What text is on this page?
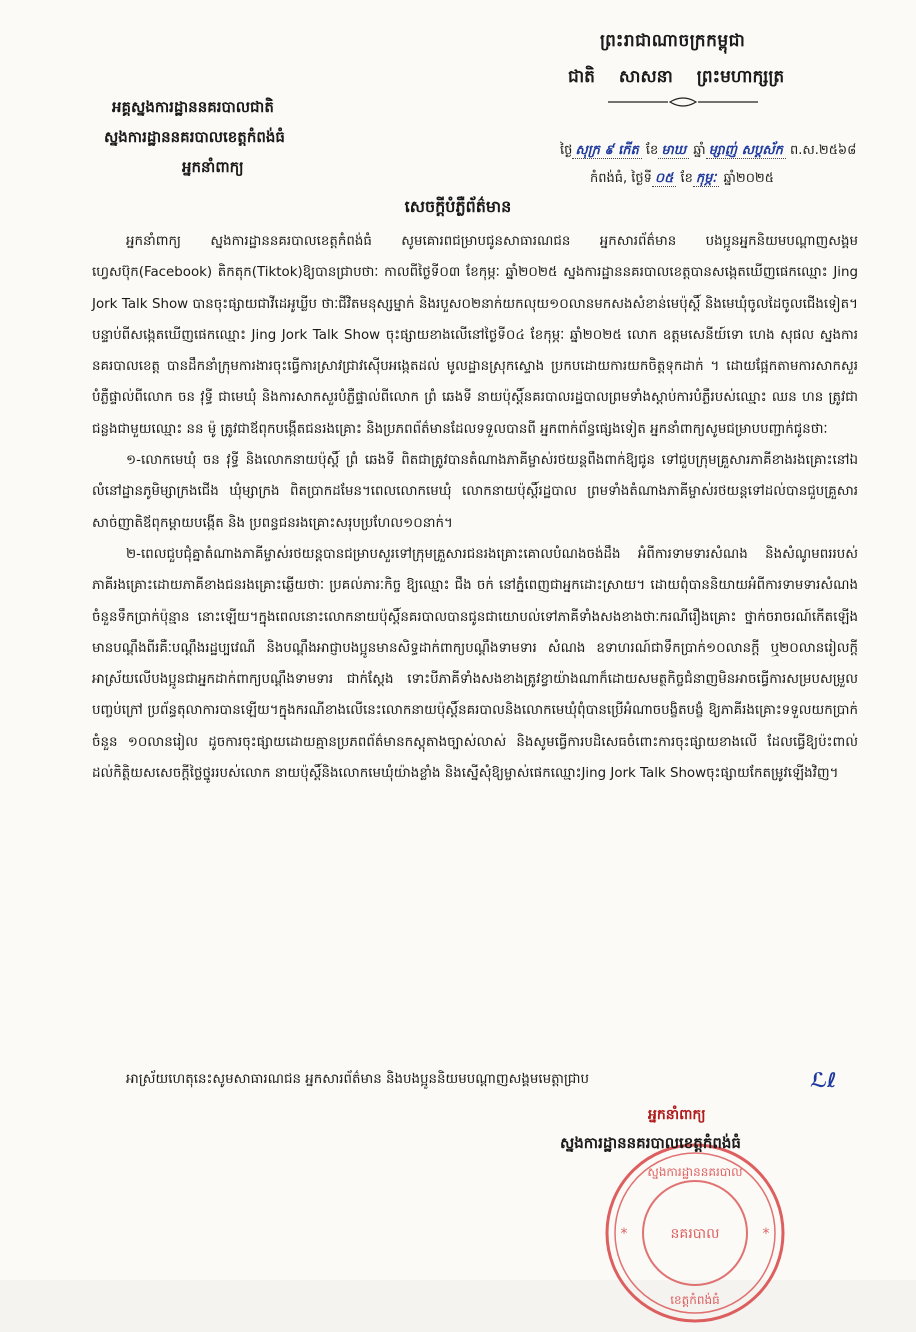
ព្រះរាជាណាចក្រកម្ពុជា
ជាតិ សាសនា ព្រះមហាក្សត្រ
អគ្គស្នងការដ្ឋាននគរបាលជាតិ
ស្នងការដ្ឋាននគរបាលខេត្តកំពង់ធំ
អ្នកនាំពាក្យ
ថ្ងៃ សុក្រ ៩ កើត ខែ មាឃ ឆ្នាំ ម្សាញ់ សប្តស័ក ព.ស.២៥៦៨
កំពង់ធំ, ថ្ងៃទី ០៥ ខែ កុម្ភៈ ឆ្នាំ២០២៥
សេចក្តីបំភ្លឺព័ត៌មាន

អ្នកនាំពាក្យ ស្នងការដ្ឋាននគរបាលខេត្តកំពង់ធំ សូមគោរពជម្រាបជូនសាធារណជន អ្នកសារព័ត៌មាន បងប្អូនអ្នកនិយមបណ្តាញសង្គមហ្វេសប៊ុក(Facebook) តិកតុក(Tiktok)ឱ្យបានជ្រាបថាៈ កាលពីថ្ងៃទី០៣ ខែកុម្ភៈ ឆ្នាំ២០២៥ ស្នងការដ្ឋាននគរបាលខេត្តបានសង្កេតឃើញផេកឈ្មោះ Jing Jork Talk Show បានចុះផ្សាយជាវីដេអូឃ្លីប ថាៈជីវិតមនុស្សម្នាក់ និងរបួស០២នាក់យកលុយ១០លានមកសងសំខាន់មេប៉ុស្តិ៍ និងមេឃុំចូលដៃចូលជើងទៀត។ បន្ទាប់ពីសង្កេតឃើញផេកឈ្មោះ Jing Jork Talk Show ចុះផ្សាយខាងលើនៅថ្ងៃទី០៤ ខែកុម្ភៈ ឆ្នាំ២០២៥ លោក ឧត្តមសេនីយ៍ទោ ហេង សុផល ស្នងការនគរបាលខេត្ត បានដឹកនាំក្រុមការងារចុះធ្វើការស្រាវជ្រាវស៊ើបអង្កេតដល់ មូលដ្ឋានស្រុកស្ទោង ប្រកបដោយការយកចិត្តទុកដាក់ ។ ដោយផ្អែកតាមការសាកសួរបំភ្លឺផ្ទាល់ពីលោក ចន វុទ្ធី ជាមេឃុំ និងការសាកសួរបំភ្លឺផ្ទាល់ពីលោក ព្រំ ឆេងទី នាយប៉ុស្តិ៍នគរបាលរដ្ឋបាលព្រមទាំងស្តាប់ការបំភ្លឺរបស់ឈ្មោះ ឈន ហន ត្រូវជាជន្លងជាមួយឈ្មោះ នន ម៉ូ ត្រូវជាឪពុកបង្កើតជនរងគ្រោះ និងប្រភពព័ត៌មានដែលទទួលបានពី អ្នកពាក់ព័ន្ធផ្សេងទៀត អ្នកនាំពាក្យសូមជម្រាបបញ្ជាក់ជូនថាៈ

១-លោកមេឃុំ ចន វុទ្ធី និងលោកនាយប៉ុស្តិ៍ ព្រំ ឆេងទី ពិតជាត្រូវបានតំណាងភាគីម្ចាស់រថយន្តពឹងពាក់ឱ្យជូន ទៅជួបក្រុមគ្រួសារភាគីខាងរងគ្រោះនៅឯលំនៅដ្ឋានភូមិម្សាក្រងជើង ឃុំម្សាក្រង ពិតប្រាកដមែន។ពេលលោកមេឃុំ លោកនាយប៉ុស្តិ៍រដ្ឋបាល ព្រមទាំងតំណាងភាគីម្ចាស់រថយន្តទៅដល់បានជួបគ្រួសារសាច់ញាតិឪពុកម្តាយបង្កើត និង ប្រពន្ធជនរងគ្រោះសរុបប្រហែល១០នាក់។

២-ពេលជួបជុំគ្នាតំណាងភាគីម្ចាស់រថយន្តបានជម្រាបសួរទៅក្រុមគ្រួសារជនរងគ្រោះគោលបំណងចង់ដឹង អំពីការទាមទារសំណង និងសំណូមពររបស់ភាគីរងគ្រោះដោយភាគីខាងជនរងគ្រោះឆ្លើយថាៈ ប្រគល់ភារៈកិច្ច ឱ្យឈ្មោះ ជឹង ចក់ នៅភ្នំពេញជាអ្នកដោះស្រាយ។ ដោយពុំបាននិយាយអំពីការទាមទារសំណងចំនួនទឹកប្រាក់ប៉ុន្មាន នោះឡើយ។ក្នុងពេលនោះលោកនាយប៉ុស្តិ៍នគរបាលបានជូនជាយោបល់ទៅភាគីទាំងសងខាងថាៈករណីរឿងគ្រោះ ថ្នាក់ចរាចរណ៍កើតឡើងមានបណ្តឹងពីរគឺៈបណ្តឹងរដ្ឋប្បវេណី និងបណ្តឹងអាជ្ញាបងប្អូនមានសិទ្ធដាក់ពាក្យបណ្តឹងទាមទារ សំណង ឧទាហរណ៍ជាទឹកប្រាក់១០លានក្តី ឬ២០លានរៀលក្តី អាស្រ័យលើបងប្អូនជាអ្នកដាក់ពាក្យបណ្តឹងទាមទារ ជាក់ស្តែង ទោះបីភាគីទាំងសងខាងត្រូវខ្វាយ៉ាងណាក៏ដោយសមត្ថកិច្ចជំនាញមិនអាចធ្វើការសម្របសម្រួលបញ្ចប់ក្រៅ ប្រព័ន្ធតុលាការបានឡើយ។ក្នុងករណីខាងលើនេះលោកនាយប៉ុស្តិ៍នគរបាលនិងលោកមេឃុំពុំបានប្រើអំណាចបង្ខិតបង្ខំ ឱ្យភាគីរងគ្រោះទទួលយកប្រាក់ចំនួន ១០លានរៀល ដូចការចុះផ្សាយដោយគ្មានប្រភពព័ត៌មានកស្តុតាងច្បាស់លាស់ និងសូមធ្វើការបដិសេធចំពោះការចុះផ្សាយខាងលើ ដែលធ្វើឱ្យប៉ះពាល់ដល់កិត្តិយសសេចក្តីថ្លៃថ្នូររបស់លោក នាយប៉ុស្តិ៍និងលោកមេឃុំយ៉ាងខ្លាំង និងស្នើសុំឱ្យម្ចាស់ផេកឈ្មោះJing Jork Talk Showចុះផ្សាយកែតម្រូវឡើងវិញ។

អាស្រ័យហេតុនេះសូមសាធារណជន អ្នកសារព័ត៌មាន និងបងប្អូននិយមបណ្តាញសង្គមមេត្តាជ្រាប	ℒℓ
ស្នងការដ្ឋាននគរបាល
នគរបាល
ខេត្តកំពង់ធំ
*	*
អ្នកនាំពាក្យ
ស្នងការដ្ឋាននគរបាលខេត្តកំពង់ធំ
